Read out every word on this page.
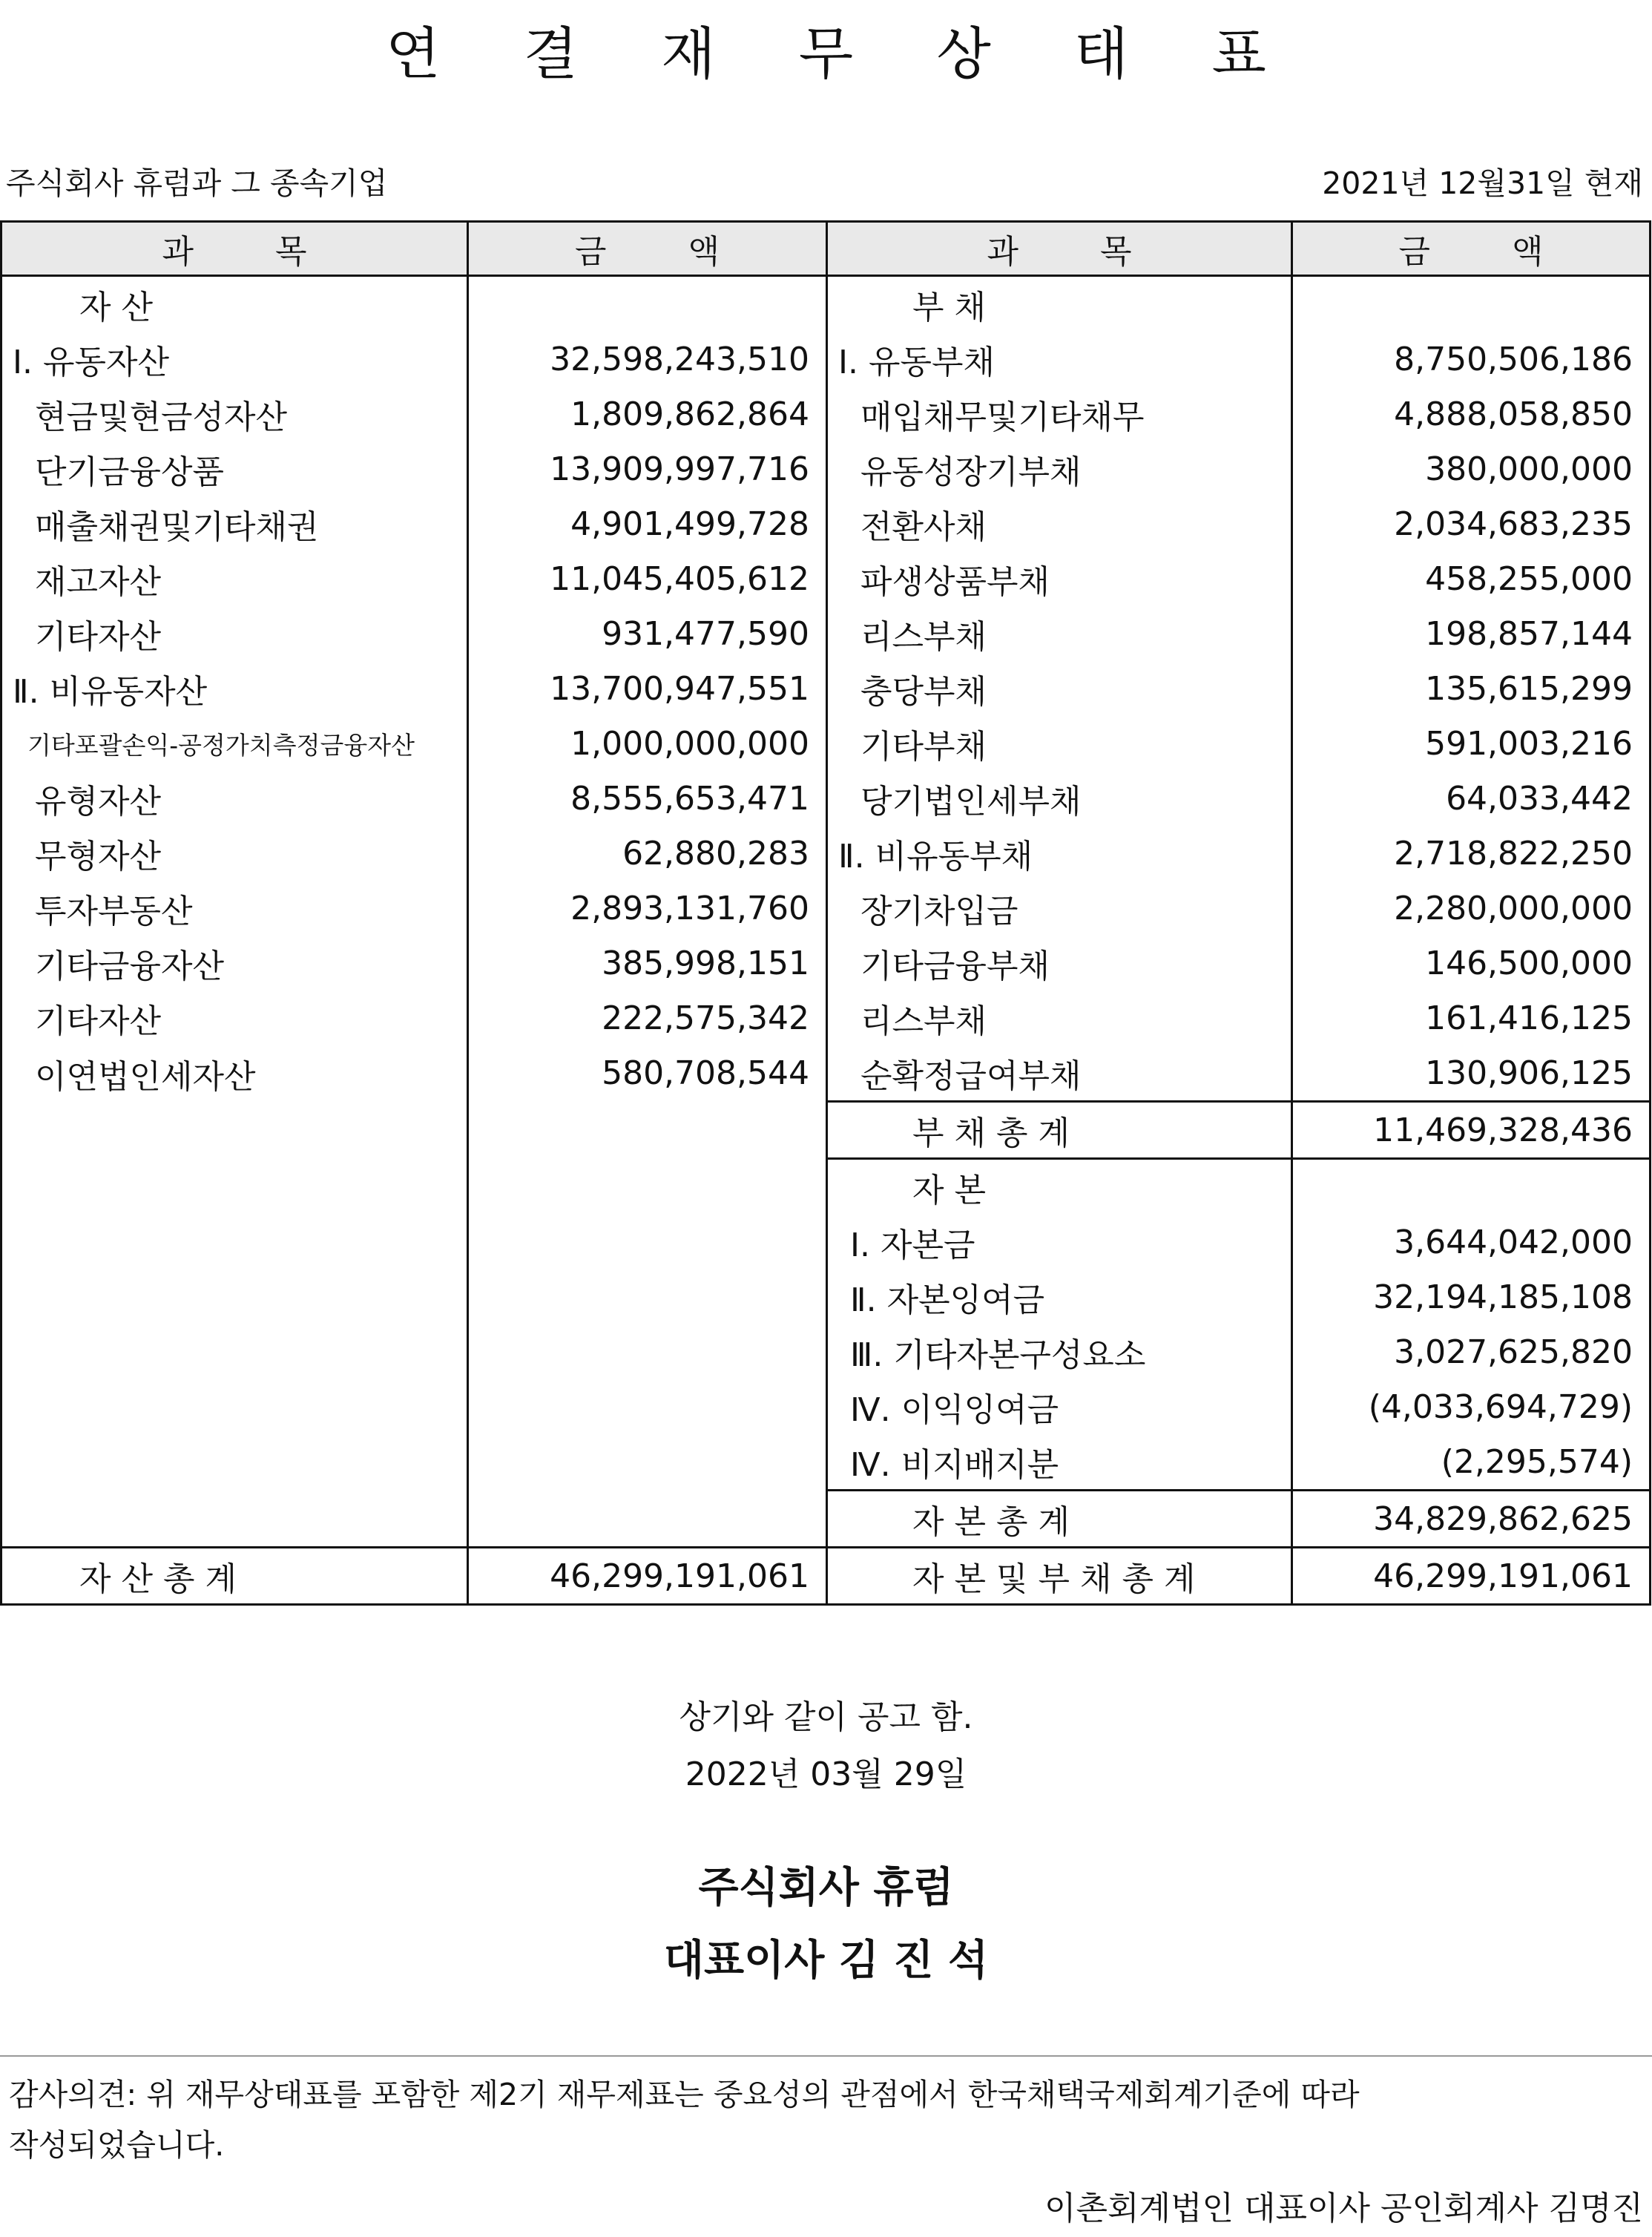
연 결 재 무 상 태 표
주식회사 휴럼과 그 종속기업	2021년 12월31일 현재
과 목	금 액	과 목	금 액
자 산		부 채	
Ⅰ. 유동자산	32,598,243,510	Ⅰ. 유동부채	8,750,506,186
현금및현금성자산	1,809,862,864	매입채무및기타채무	4,888,058,850
단기금융상품	13,909,997,716	유동성장기부채	380,000,000
매출채권및기타채권	4,901,499,728	전환사채	2,034,683,235
재고자산	11,045,405,612	파생상품부채	458,255,000
기타자산	931,477,590	리스부채	198,857,144
Ⅱ. 비유동자산	13,700,947,551	충당부채	135,615,299
기타포괄손익-공정가치측정금융자산	1,000,000,000	기타부채	591,003,216
유형자산	8,555,653,471	당기법인세부채	64,033,442
무형자산	62,880,283	Ⅱ. 비유동부채	2,718,822,250
투자부동산	2,893,131,760	장기차입금	2,280,000,000
기타금융자산	385,998,151	기타금융부채	146,500,000
기타자산	222,575,342	리스부채	161,416,125
이연법인세자산	580,708,544	순확정급여부채	130,906,125
		부 채 총 계	11,469,328,436
		자 본	
		Ⅰ. 자본금	3,644,042,000
		Ⅱ. 자본잉여금	32,194,185,108
		Ⅲ. 기타자본구성요소	3,027,625,820
		Ⅳ. 이익잉여금	(4,033,694,729)
		Ⅳ. 비지배지분	(2,295,574)
		자 본 총 계	34,829,862,625
자 산 총 계	46,299,191,061	자 본 및 부 채 총 계	46,299,191,061
상기와 같이 공고 함.
2022년 03월 29일
주식회사 휴럼
대표이사 김 진 석
감사의견: 위 재무상태표를 포함한 제2기 재무제표는 중요성의 관점에서 한국채택국제회계기준에 따라
작성되었습니다.
이촌회계법인 대표이사 공인회계사 김명진
